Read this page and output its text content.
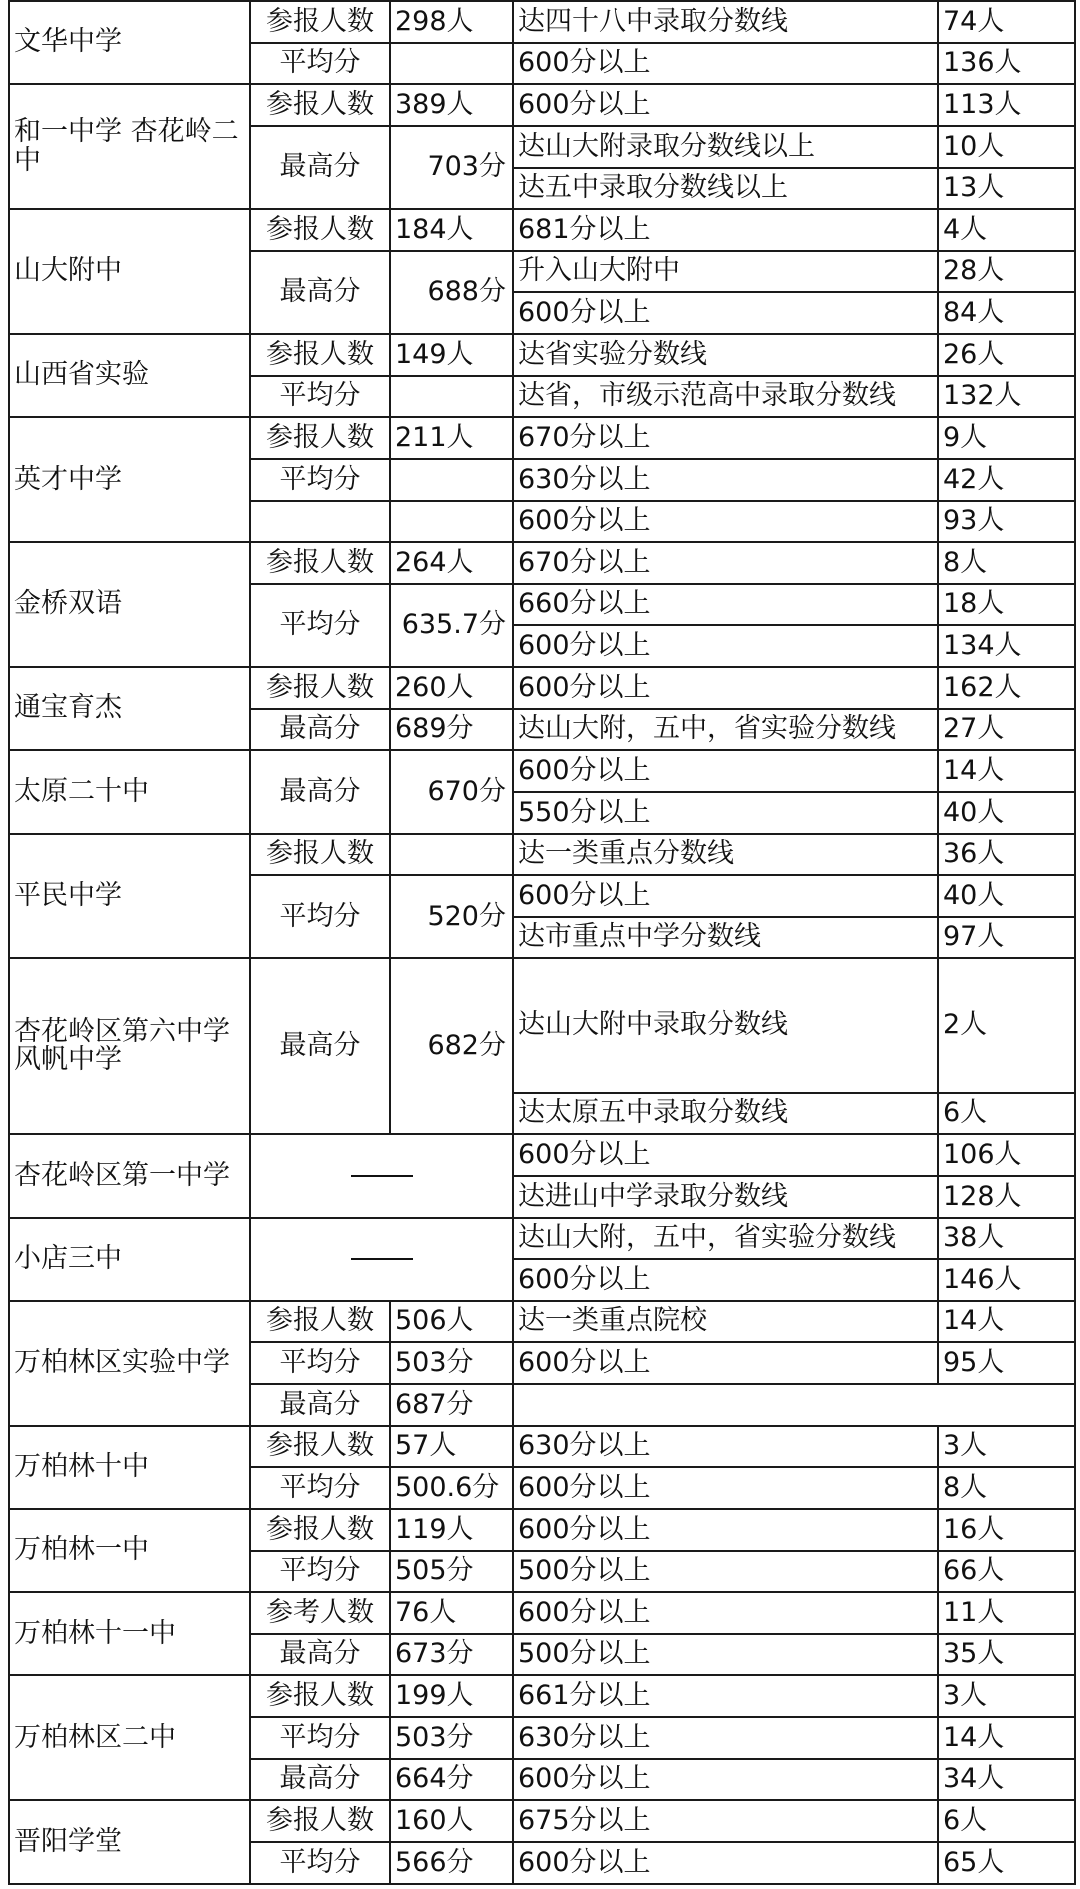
文华中学	参报人数	298人	达四十八中录取分数线	74人
	平均分		600分以上	136人
和一中学 杏花岭二中	参报人数	389人	600分以上	113人
	最高分	703分	达山大附录取分数线以上	10人
			达五中录取分数线以上	13人
山大附中	参报人数	184人	681分以上	4人
	最高分	688分	升入山大附中	28人
			600分以上	84人
山西省实验	参报人数	149人	达省实验分数线	26人
	平均分		达省，市级示范高中录取分数线	132人
英才中学	参报人数	211人	670分以上	9人
	平均分		630分以上	42人
			600分以上	93人
金桥双语	参报人数	264人	670分以上	8人
	平均分	635.7分	660分以上	18人
			600分以上	134人
通宝育杰	参报人数	260人	600分以上	162人
	最高分	689分	达山大附，五中，省实验分数线	27人
太原二十中	最高分	670分	600分以上	14人
			550分以上	40人
平民中学	参报人数		达一类重点分数线	36人
	平均分	520分	600分以上	40人
			达市重点中学分数线	97人
杏花岭区第六中学 风帆中学	最高分	682分	达山大附中录取分数线	2人
			达太原五中录取分数线	6人
杏花岭区第一中学			600分以上	106人
			达进山中学录取分数线	128人
小店三中			达山大附，五中，省实验分数线	38人
			600分以上	146人
万柏林区实验中学	参报人数	506人	达一类重点院校	14人
	平均分	503分	600分以上	95人
	最高分	687分		
万柏林十中	参报人数	57人	630分以上	3人
	平均分	500.6分	600分以上	8人
万柏林一中	参报人数	119人	600分以上	16人
	平均分	505分	500分以上	66人
万柏林十一中	参考人数	76人	600分以上	11人
	最高分	673分	500分以上	35人
万柏林区二中	参报人数	199人	661分以上	3人
	平均分	503分	630分以上	14人
	最高分	664分	600分以上	34人
晋阳学堂	参报人数	160人	675分以上	6人
	平均分	566分	600分以上	65人
